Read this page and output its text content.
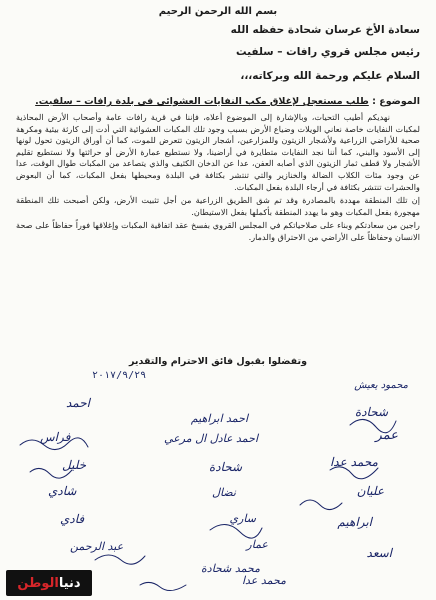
بسم الله الرحمن الرحيم
سعادة الأخ عرسان شحادة حفظه الله
رئيس مجلس قروي رافات – سلفيت
السلام عليكم ورحمة الله وبركاته،،،
الموضوع : طلب مستعجل لإغلاق مكب النفايات العشوائي في بلدة رافات – سلفيت.

نهديكم أطيب التحيات، وبالإشارة إلى الموضوع أعلاه، فإننا في قرية رافات عامة وأصحاب الأرض المحاذية لمكبات النفايات خاصة نعاني الويلات وضياع الأرض بسبب وجود تلك المكبات العشوائية التي أدت إلى كارثة بيئية ومكرهة صحية للأراضي الزراعية ولأشجار الزيتون وللمزارعين، أشجار الزيتون تتعرض للموت، كما أن أوراق الزيتون تحول لونها إلى الأسود والبني، كما أننا نجد النفايات متطايرة في أراضينا، ولا نستطيع عمارة الأرض أو حراثتها ولا نستطيع تقليم الأشجار ولا قطف ثمار الزيتون الذي أصابه العفن، عدا عن الدخان الكثيف والذي يتصاعد من المكبات طوال الوقت، عدا عن وجود مئات الكلاب الضالة والخنازير والتي تنتشر بكثافة في البلدة ومحيطها بفعل المكبات، كما أن البعوض والحشرات تنتشر بكثافة في أرجاء البلدة بفعل المكبات.

إن تلك المنطقة مهددة بالمصادرة وقد تم شق الطريق الزراعية من أجل تثبيت الأرض، ولكن أصبحت تلك المنطقة مهجورة بفعل المكبات وهو ما يهدد المنطقة بأكملها بفعل الاستيطان.

راجين من سعادتكم وبناء على صلاحياتكم في المجلس القروي بفسخ عقد اتفاقية المكبات وإغلاقها فوراً حفاظاً على صحة الانسان وحفاظاً على الأراضي من الاحتراق والدمار.

وتفضلوا بقبول فائق الاحترام والتقدير
٢٠١٧/٩/٢٩
محمود يعيش
شحادة
عمر
محمد عدا
عليان
ابراهيم
اسعد
احمد ابراهيم
احمد عادل ال مرعي
شحادة
نضال
ساري
عمار
محمد شحادة
احمد
فراس
خليل
شادي
فادي
عبد الرحمن
محمد عدا
دنيا
الوطن
